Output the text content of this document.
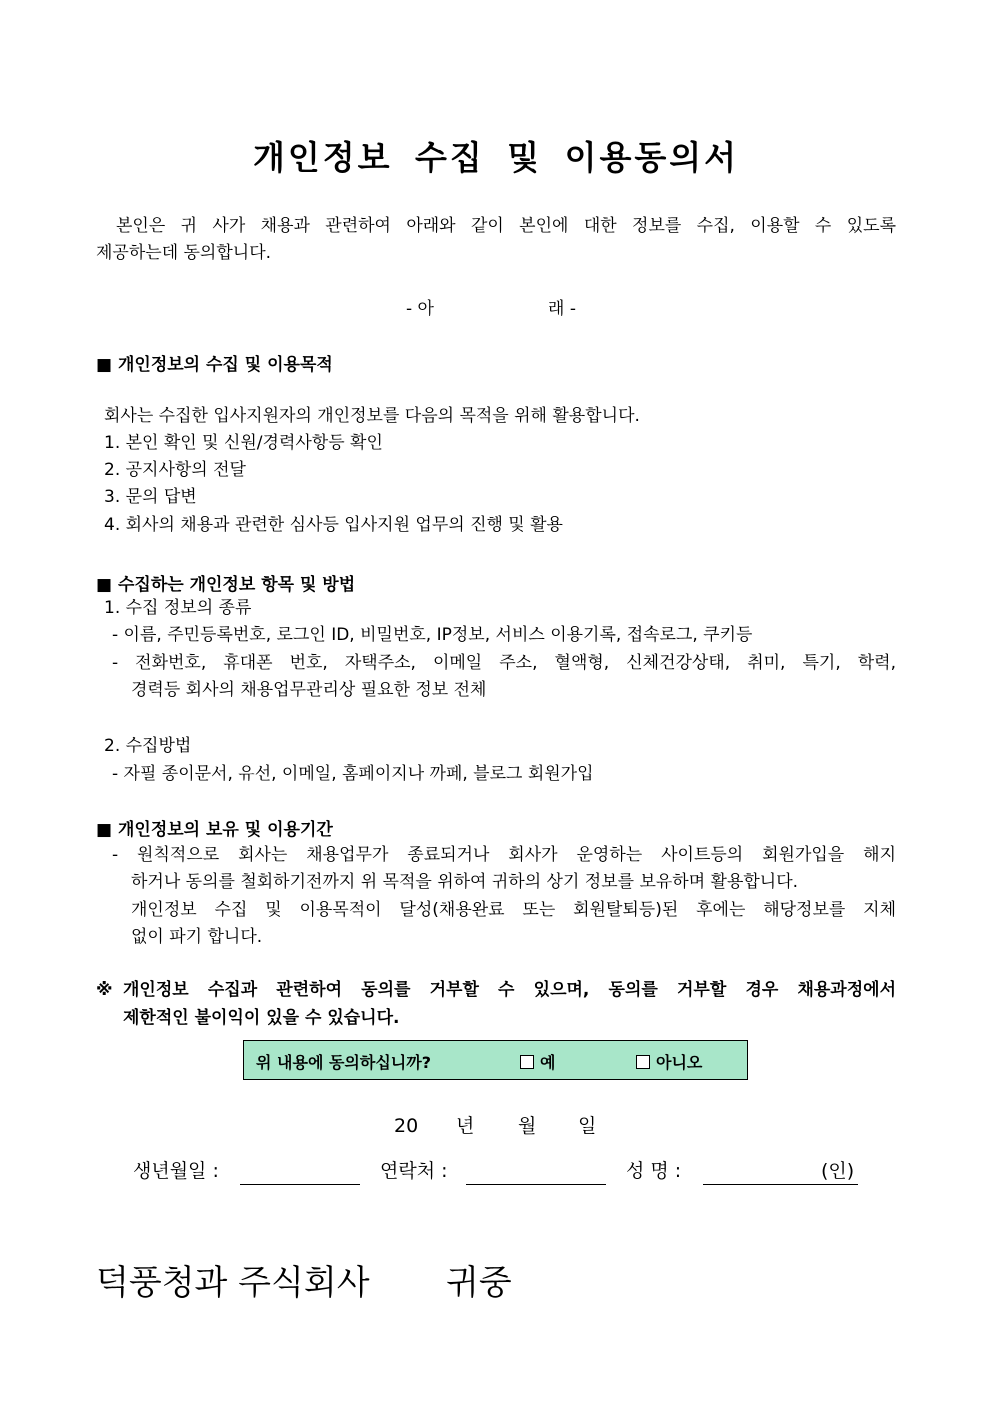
개인정보 수집 및 이용동의서
본인은 귀 사가 채용과 관련하여 아래와 같이 본인에 대한 정보를 수집, 이용할 수 있도록
제공하는데 동의합니다.
- 아	래 -
■ 개인정보의 수집 및 이용목적
회사는 수집한 입사지원자의 개인정보를 다음의 목적을 위해 활용합니다.
1. 본인 확인 및 신원/경력사항등 확인
2. 공지사항의 전달
3. 문의 답변
4. 회사의 채용과 관련한 심사등 입사지원 업무의 진행 및 활용
■ 수집하는 개인정보 항목 및 방법
1. 수집 정보의 종류
- 이름, 주민등록번호, 로그인 ID, 비밀번호, IP정보, 서비스 이용기록, 접속로그, 쿠키등
- 전화번호, 휴대폰 번호, 자택주소, 이메일 주소, 혈액형, 신체건강상태, 취미, 특기, 학력,
경력등 회사의 채용업무관리상 필요한 정보 전체
2. 수집방법
- 자필 종이문서, 유선, 이메일, 홈페이지나 까페, 블로그 회원가입
■ 개인정보의 보유 및 이용기간
- 원칙적으로 회사는 채용업무가 종료되거나 회사가 운영하는 사이트등의 회원가입을 해지
하거나 동의를 철회하기전까지 위 목적을 위하여 귀하의 상기 정보를 보유하며 활용합니다.
개인정보 수집 및 이용목적이 달성(채용완료 또는 회원탈퇴등)된 후에는 해당정보를 지체
없이 파기 합니다.
※ 개인정보 수집과 관련하여 동의를 거부할 수 있으며, 동의를 거부할 경우 채용과정에서
제한적인 불이익이 있을 수 있습니다.
위 내용에 동의하십니까?	예	아니오
20 년 월 일
생년월일 :	연락처 :	성 명 :	(인)
덕풍청과 주식회사 귀중
